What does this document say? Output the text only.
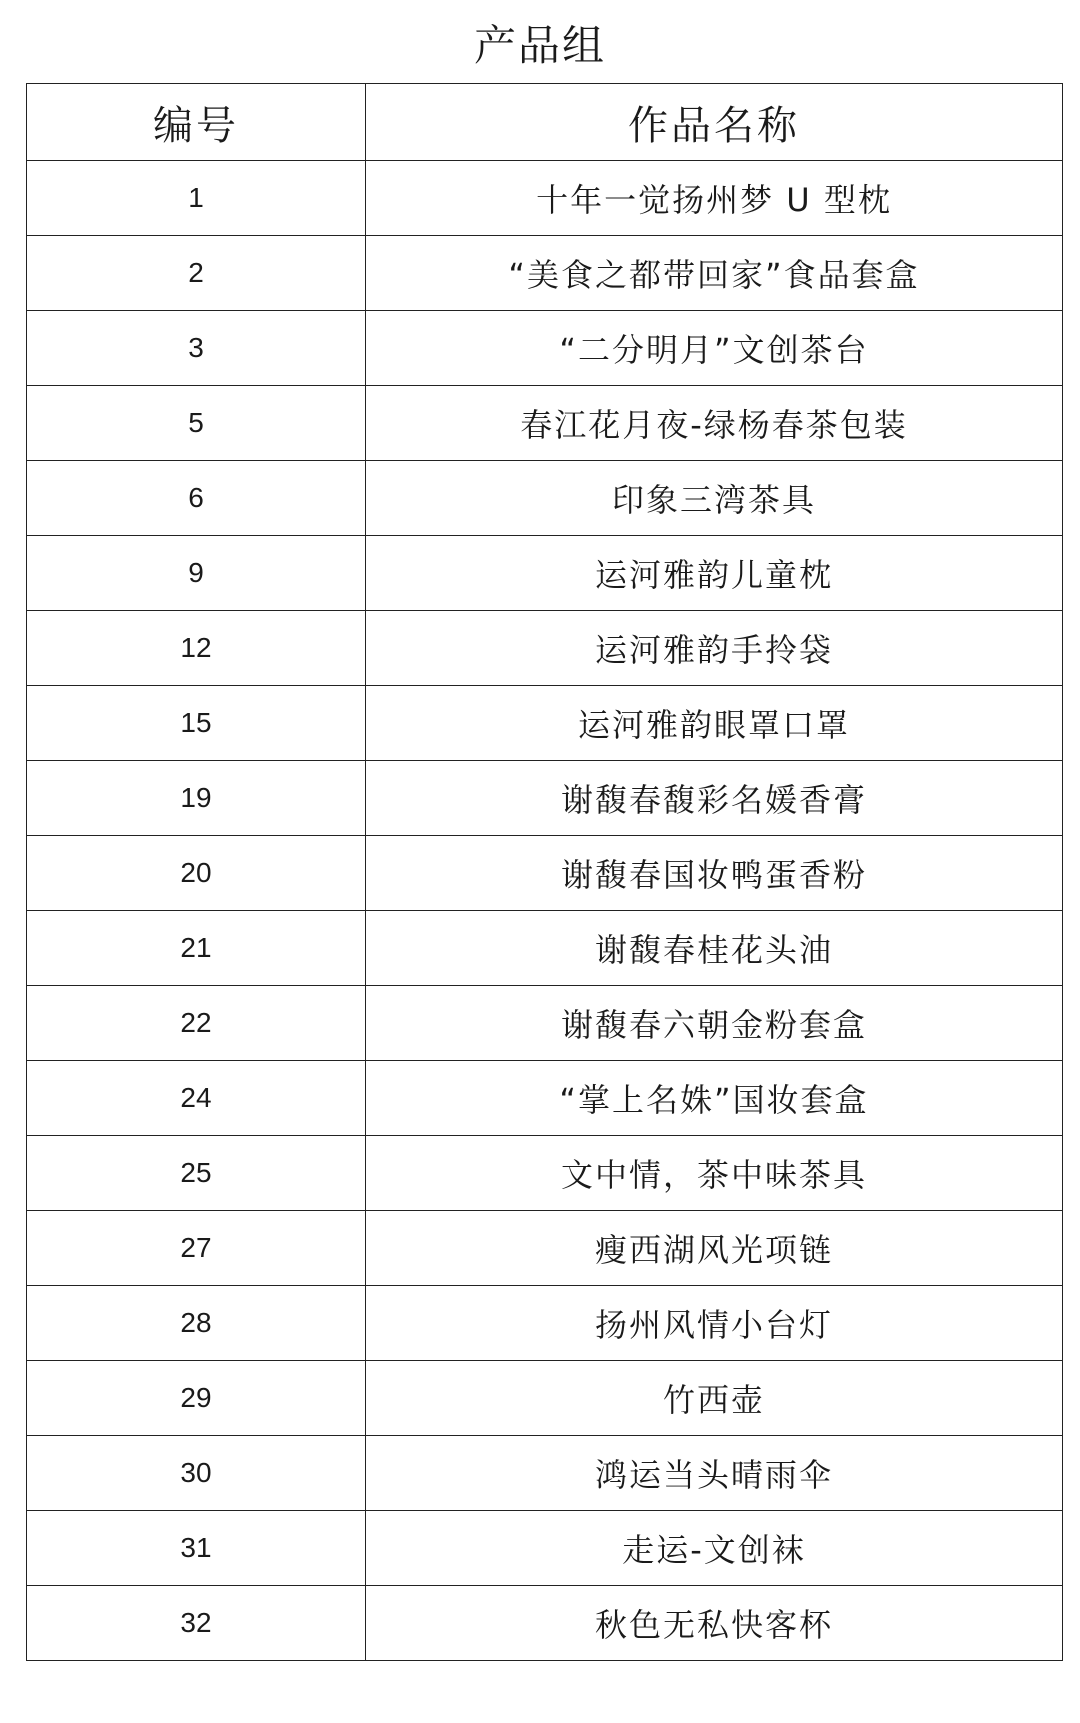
产品组
编号	作品名称
1	十年一觉扬州梦 U 型枕
2	“美食之都带回家”食品套盒
3	“二分明月”文创茶台
5	春江花月夜-绿杨春茶包装
6	印象三湾茶具
9	运河雅韵儿童枕
12	运河雅韵手拎袋
15	运河雅韵眼罩口罩
19	谢馥春馥彩名媛香膏
20	谢馥春国妆鸭蛋香粉
21	谢馥春桂花头油
22	谢馥春六朝金粉套盒
24	“掌上名姝”国妆套盒
25	文中情，茶中味茶具
27	瘦西湖风光项链
28	扬州风情小台灯
29	竹西壶
30	鸿运当头晴雨伞
31	走运-文创袜
32	秋色无私快客杯
